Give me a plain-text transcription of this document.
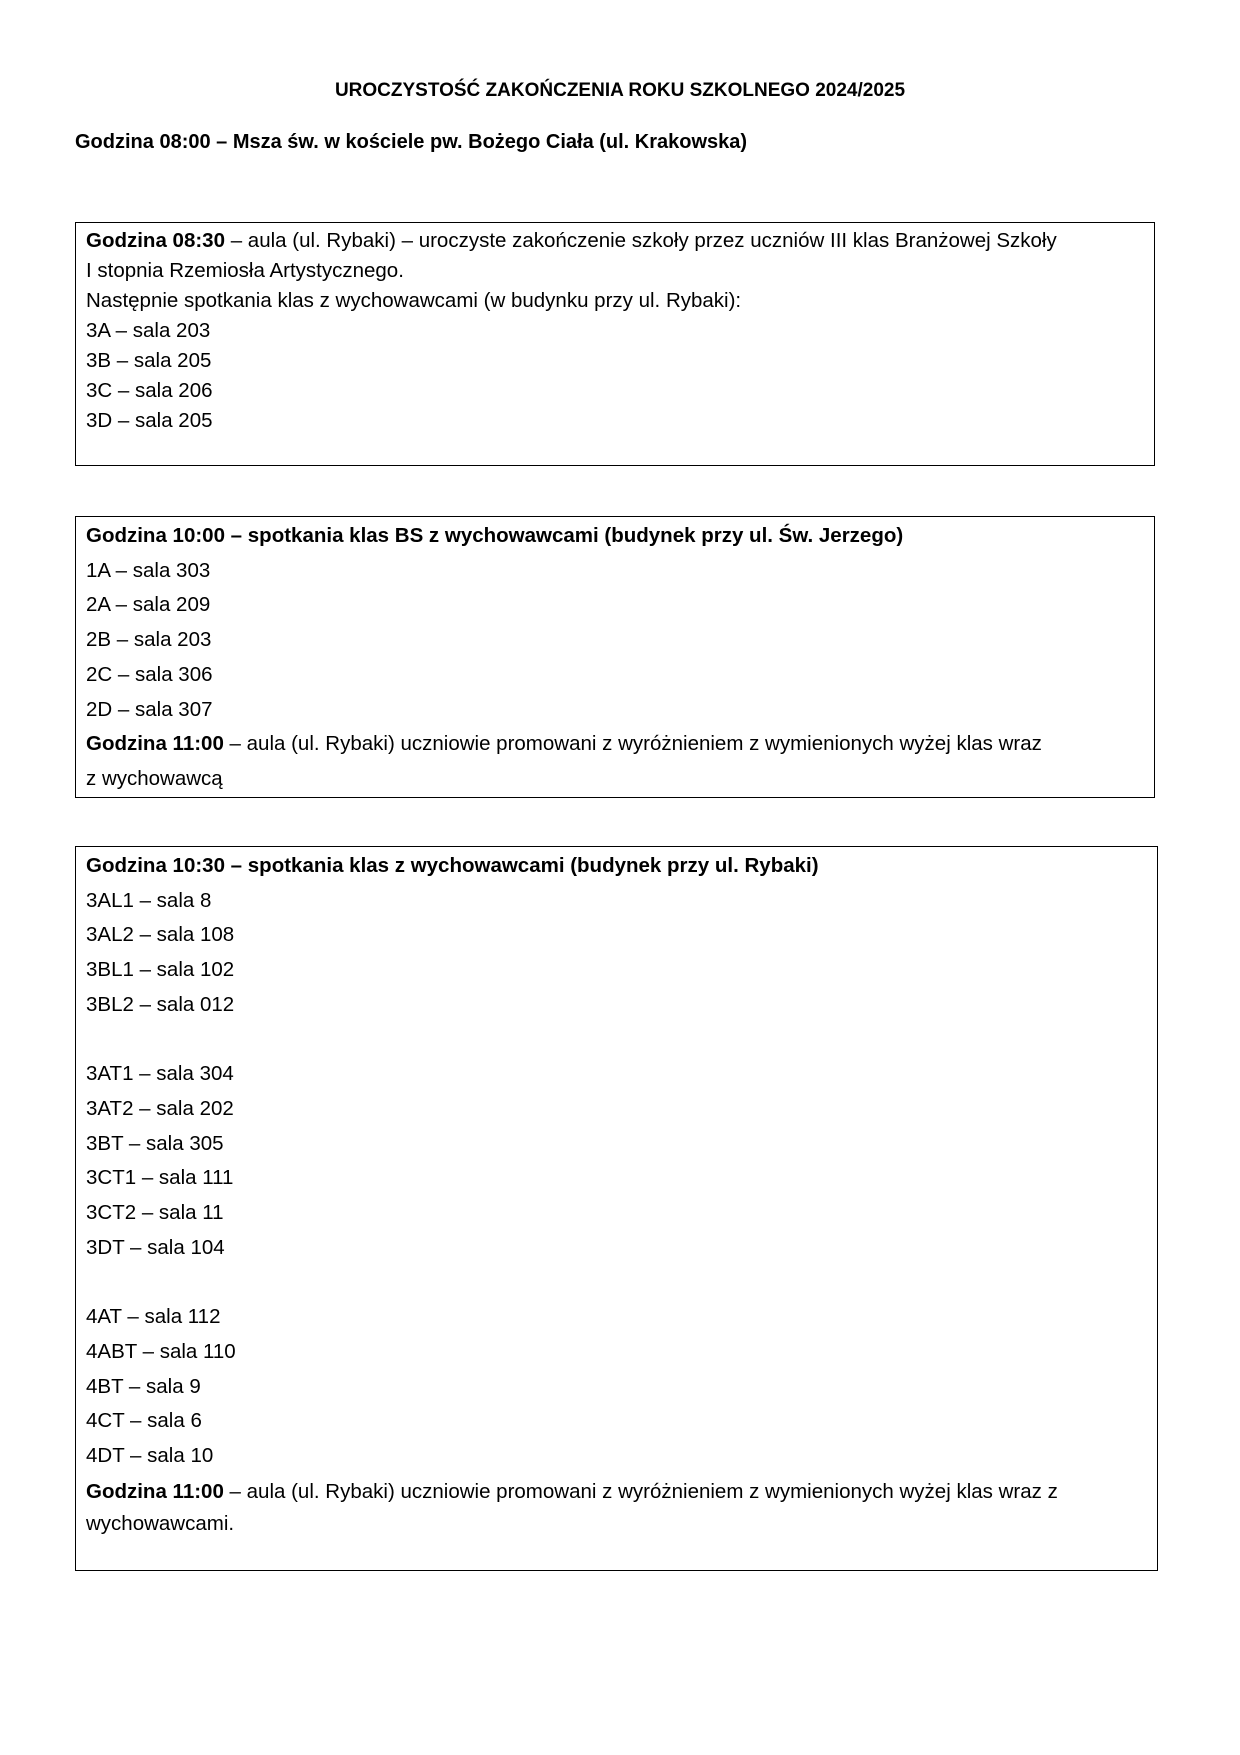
UROCZYSTOŚĆ ZAKOŃCZENIA ROKU SZKOLNEGO 2024/2025
Godzina 08:00 – Msza św. w kościele pw. Bożego Ciała (ul. Krakowska)
Godzina 08:30 – aula (ul. Rybaki) – uroczyste zakończenie szkoły przez uczniów III klas Branżowej Szkoły
I stopnia Rzemiosła Artystycznego.
Następnie spotkania klas z wychowawcami (w budynku przy ul. Rybaki):
3A – sala 203
3B – sala 205
3C – sala 206
3D – sala 205
Godzina 10:00 – spotkania klas BS z wychowawcami (budynek przy ul. Św. Jerzego)
1A – sala 303
2A – sala 209
2B – sala 203
2C – sala 306
2D – sala 307
Godzina 11:00 – aula (ul. Rybaki) uczniowie promowani z wyróżnieniem z wymienionych wyżej klas wraz
z wychowawcą
Godzina 10:30 – spotkania klas z wychowawcami (budynek przy ul. Rybaki)
3AL1 – sala 8
3AL2 – sala 108
3BL1 – sala 102
3BL2 – sala 012
3AT1 – sala 304
3AT2 – sala 202
3BT – sala 305
3CT1 – sala 111
3CT2 – sala 11
3DT – sala 104
4AT – sala 112
4ABT – sala 110
4BT – sala 9
4CT – sala 6
4DT – sala 10
Godzina 11:00 – aula (ul. Rybaki) uczniowie promowani z wyróżnieniem z wymienionych wyżej klas wraz z
wychowawcami.
